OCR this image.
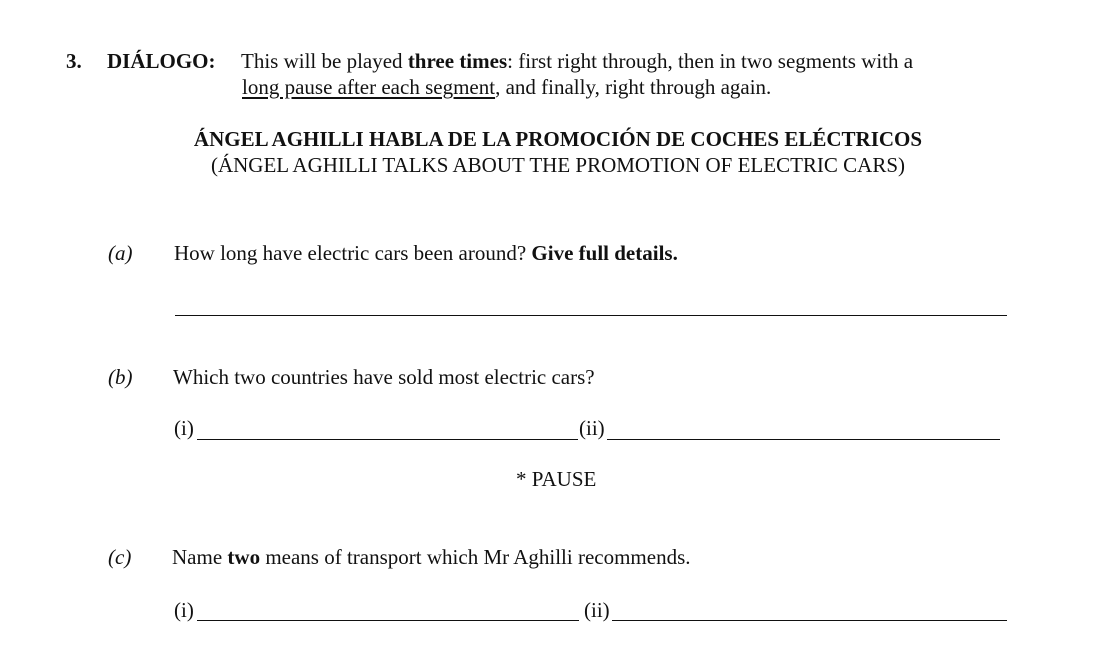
3. DIÁLOGO: This will be played three times: first right through, then in two segments with a
long pause after each segment, and finally, right through again.
ÁNGEL AGHILLI HABLA DE LA PROMOCIÓN DE COCHES ELÉCTRICOS
(ÁNGEL AGHILLI TALKS ABOUT THE PROMOTION OF ELECTRIC CARS)
(a) How long have electric cars been around? Give full details.
(b) Which two countries have sold most electric cars?
(i)	(ii)
* PAUSE
(c) Name two means of transport which Mr Aghilli recommends.
(i)	(ii)
